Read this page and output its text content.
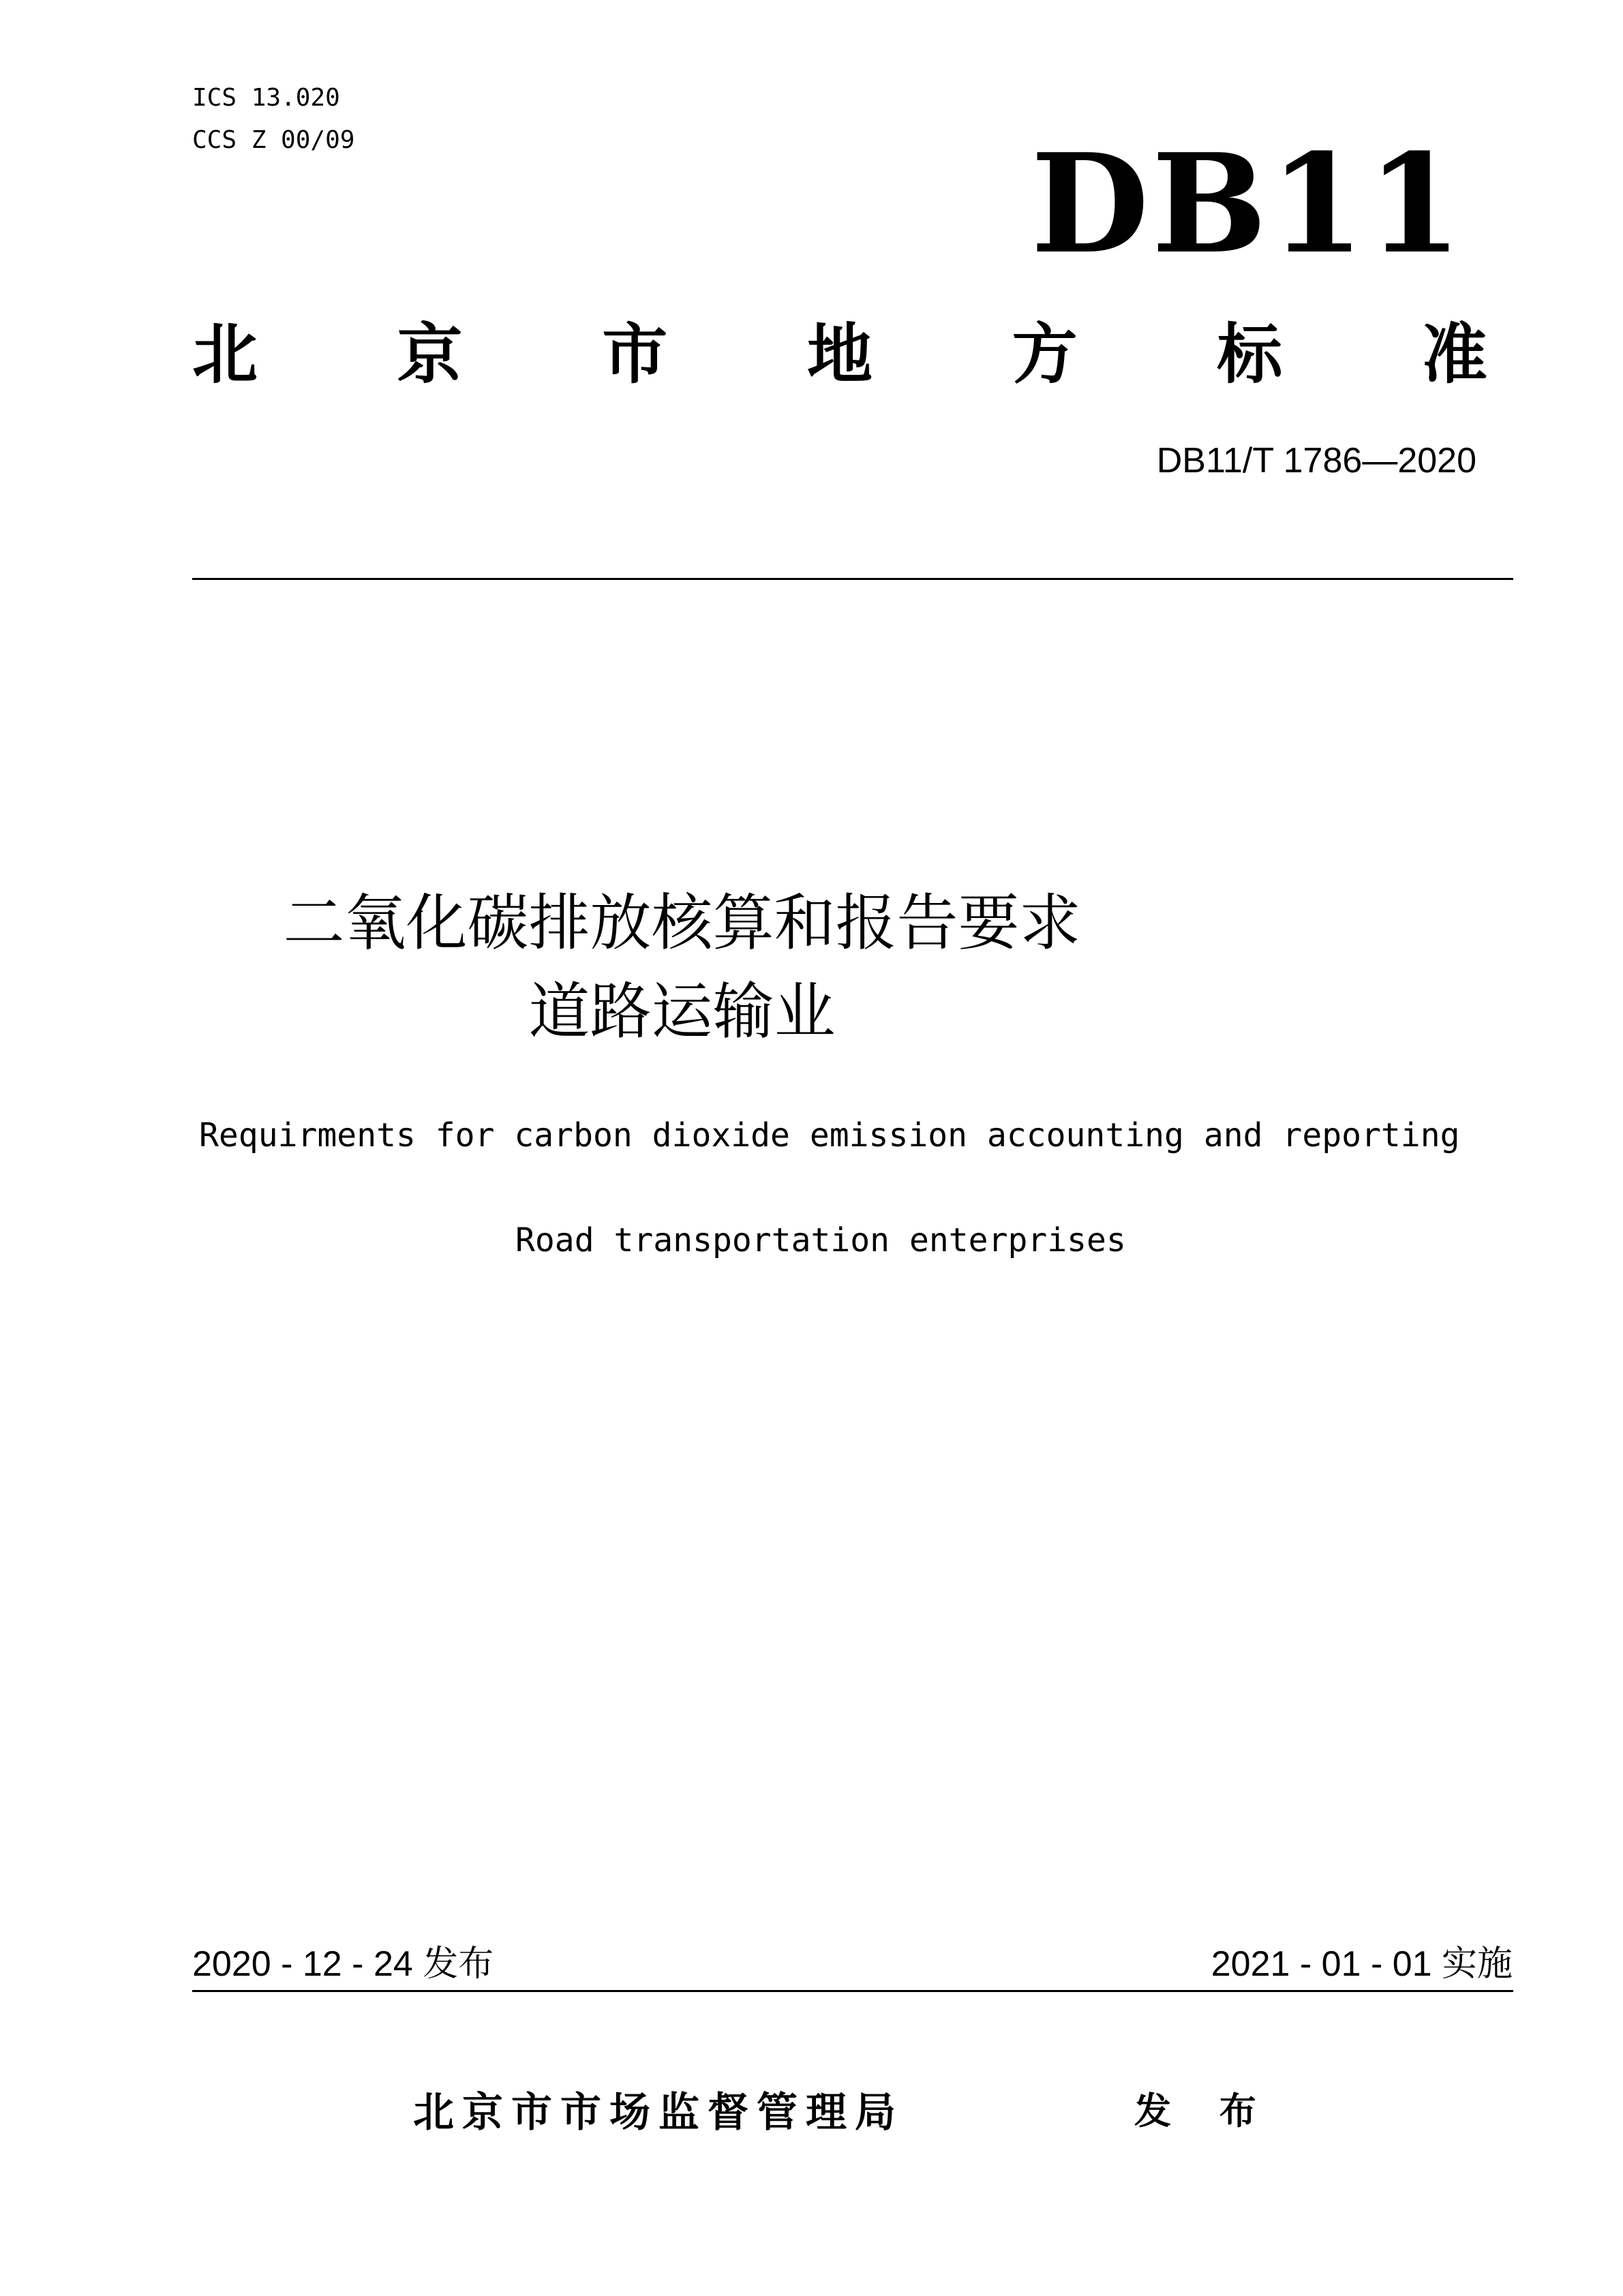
ICS 13.020
CCS Z 00/09	DB11
北 京 市 地 方 标 准
DB11/T 1786—2020
二氧化碳排放核算和报告要求
道路运输业
Requirments for carbon dioxide emission accounting and reporting
Road transportation enterprises
2020 - 12 - 24 发布	2021 - 01 - 01 实施
北京市市场监督管理局	发 布
